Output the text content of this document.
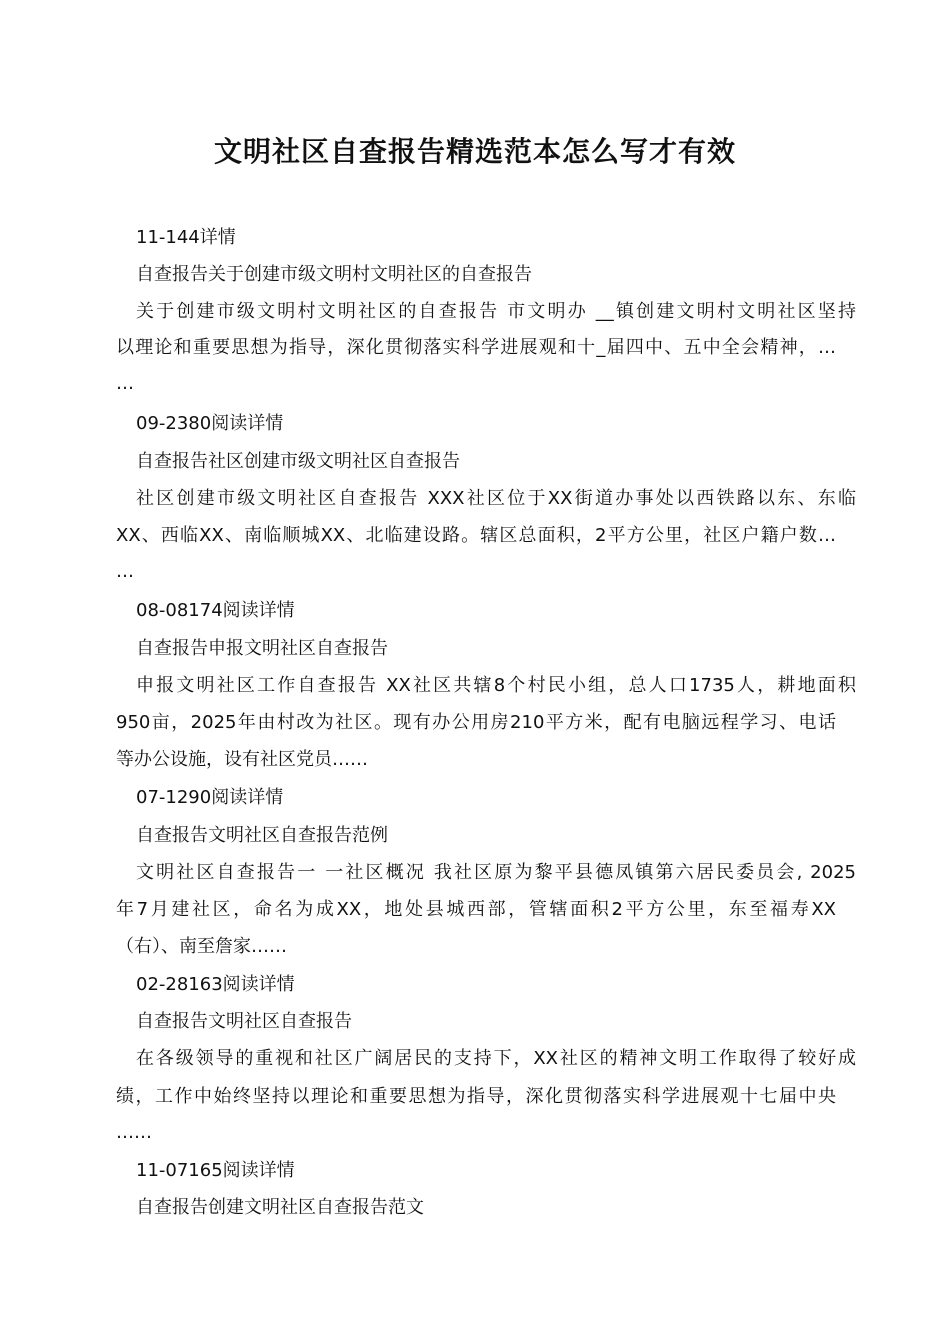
文明社区自查报告精选范本怎么写才有效
11-144详情
自查报告关于创建市级文明村文明社区的自查报告
关于创建市级文明村文明社区的自查报告 市文明办 __镇创建文明村文明社区坚持
以理论和重要思想为指导，深化贯彻落实科学进展观和十_届四中、五中全会精神，…
…
09-2380阅读详情
自查报告社区创建市级文明社区自查报告
社区创建市级文明社区自查报告 XXX社区位于XX街道办事处以西铁路以东、东临
XX、西临XX、南临顺城XX、北临建设路。辖区总面积，2平方公里，社区户籍户数…
…
08-08174阅读详情
自查报告申报文明社区自查报告
申报文明社区工作自查报告 XX社区共辖8个村民小组，总人口1735人，耕地面积
950亩，2025年由村改为社区。现有办公用房210平方米，配有电脑远程学习、电话
等办公设施，设有社区党员……
07-1290阅读详情
自查报告文明社区自查报告范例
文明社区自查报告一 一社区概况 我社区原为黎平县德凤镇第六居民委员会, 2025
年7月建社区，命名为成XX，地处县城西部，管辖面积2平方公里，东至福寿XX
（右）、南至詹家……
02-28163阅读详情
自查报告文明社区自查报告
在各级领导的重视和社区广阔居民的支持下，XX社区的精神文明工作取得了较好成
绩，工作中始终坚持以理论和重要思想为指导，深化贯彻落实科学进展观十七届中央
……
11-07165阅读详情
自查报告创建文明社区自查报告范文
